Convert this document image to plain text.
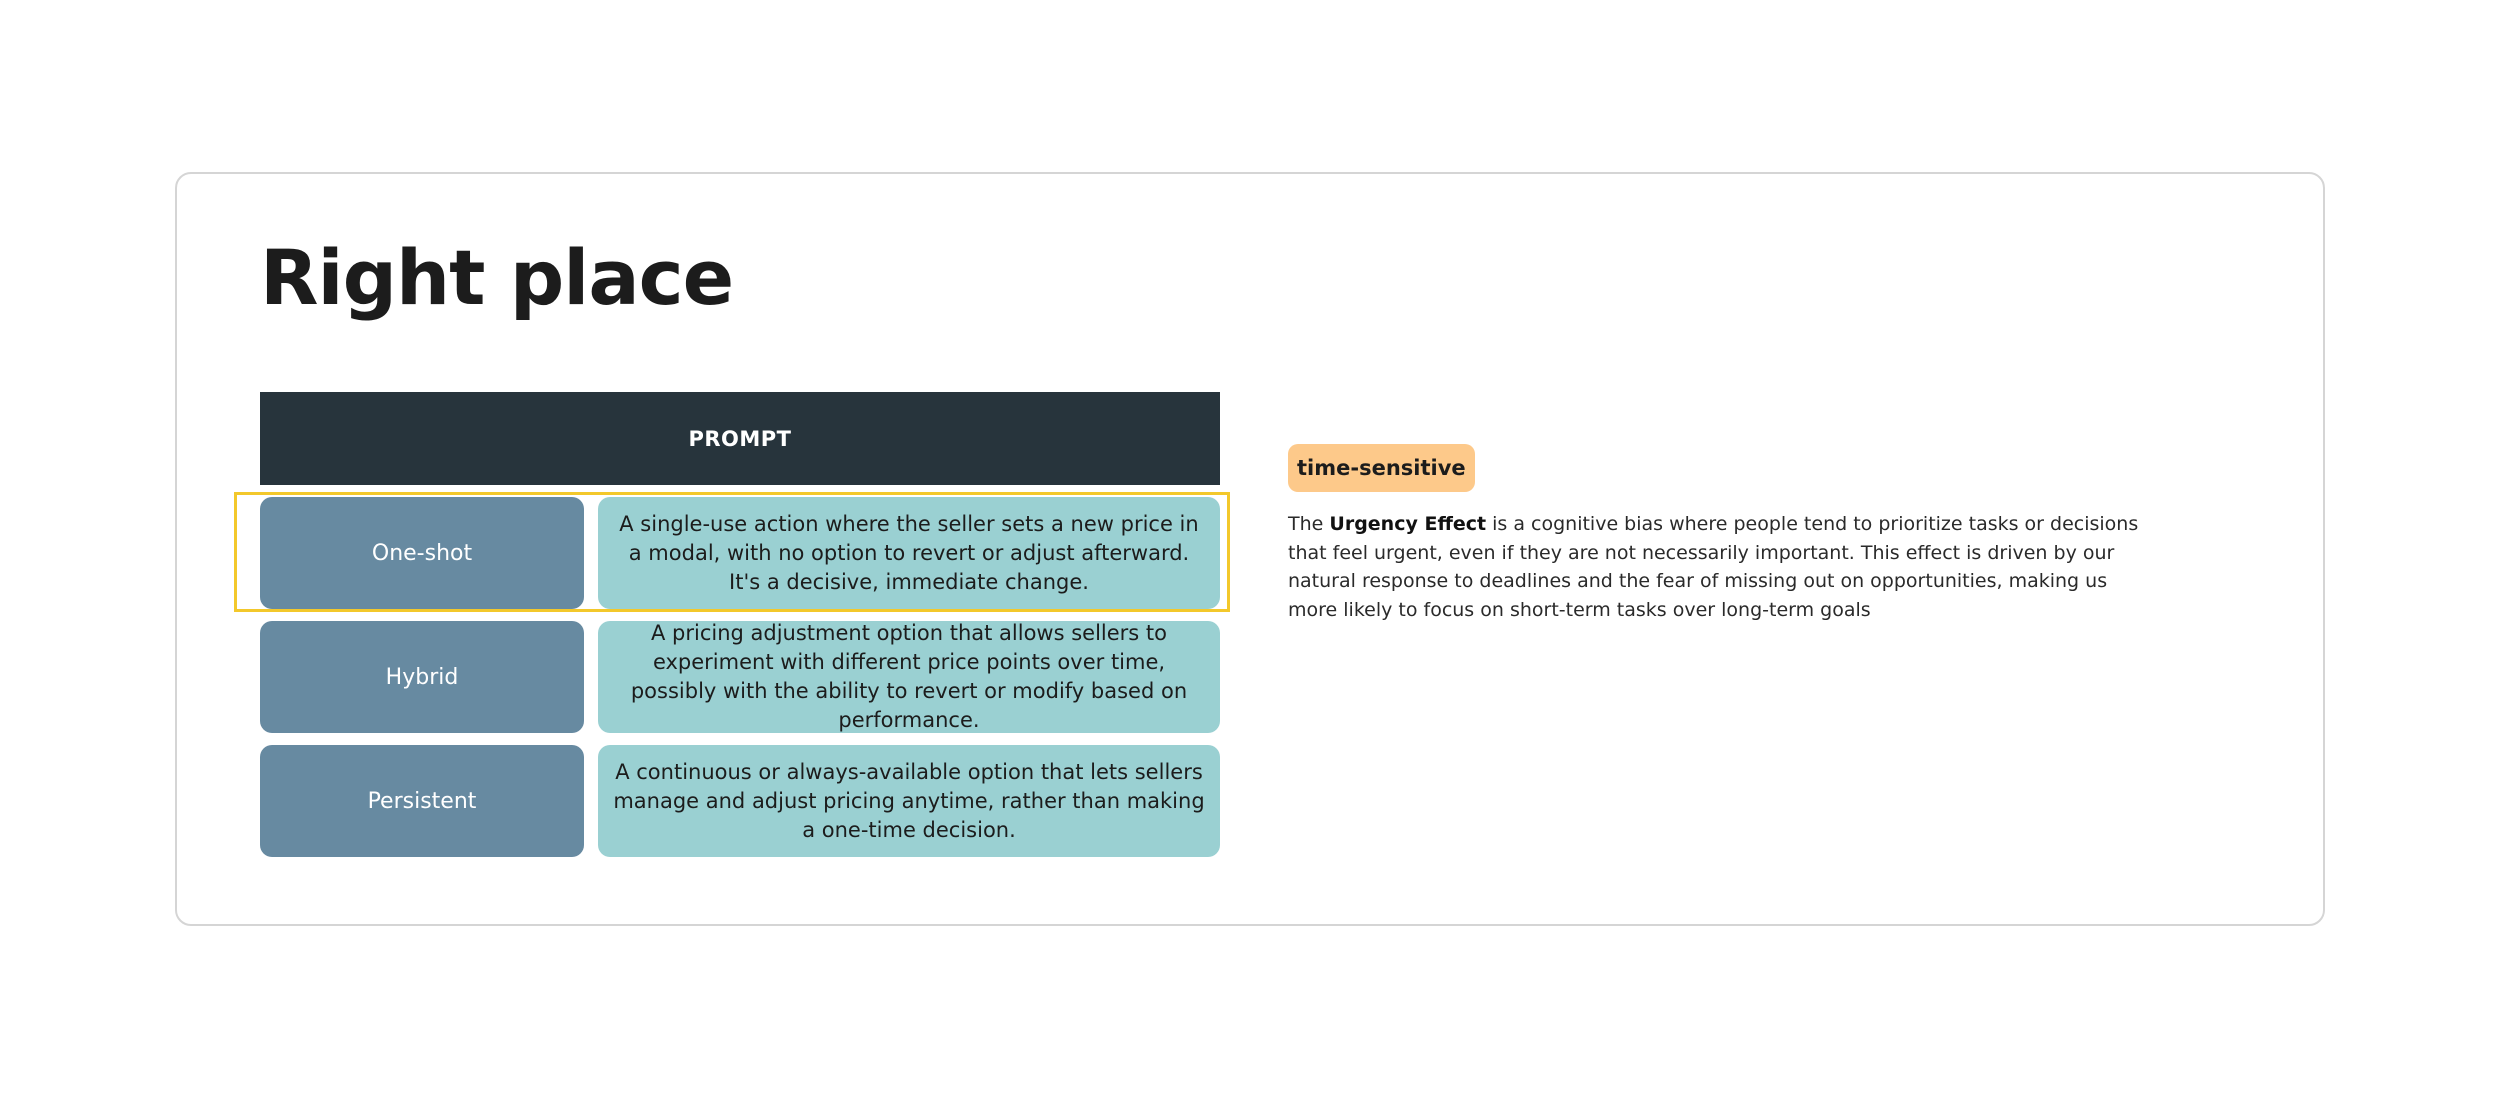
Right place
PROMPT
One-shot
A single-use action where the seller sets a new price in a modal, with no option to revert or adjust afterward. It's a decisive, immediate change.
Hybrid
A pricing adjustment option that allows sellers to experiment with different price points over time, possibly with the ability to revert or modify based on performance.
Persistent
A continuous or always-available option that lets sellers manage and adjust pricing anytime, rather than making a one-time decision.
time-sensitive

The Urgency Effect is a cognitive bias where people tend to prioritize tasks or decisions that feel urgent, even if they are not necessarily important. This effect is driven by our natural response to deadlines and the fear of missing out on opportunities, making us more likely to focus on short-term tasks over long-term goals
